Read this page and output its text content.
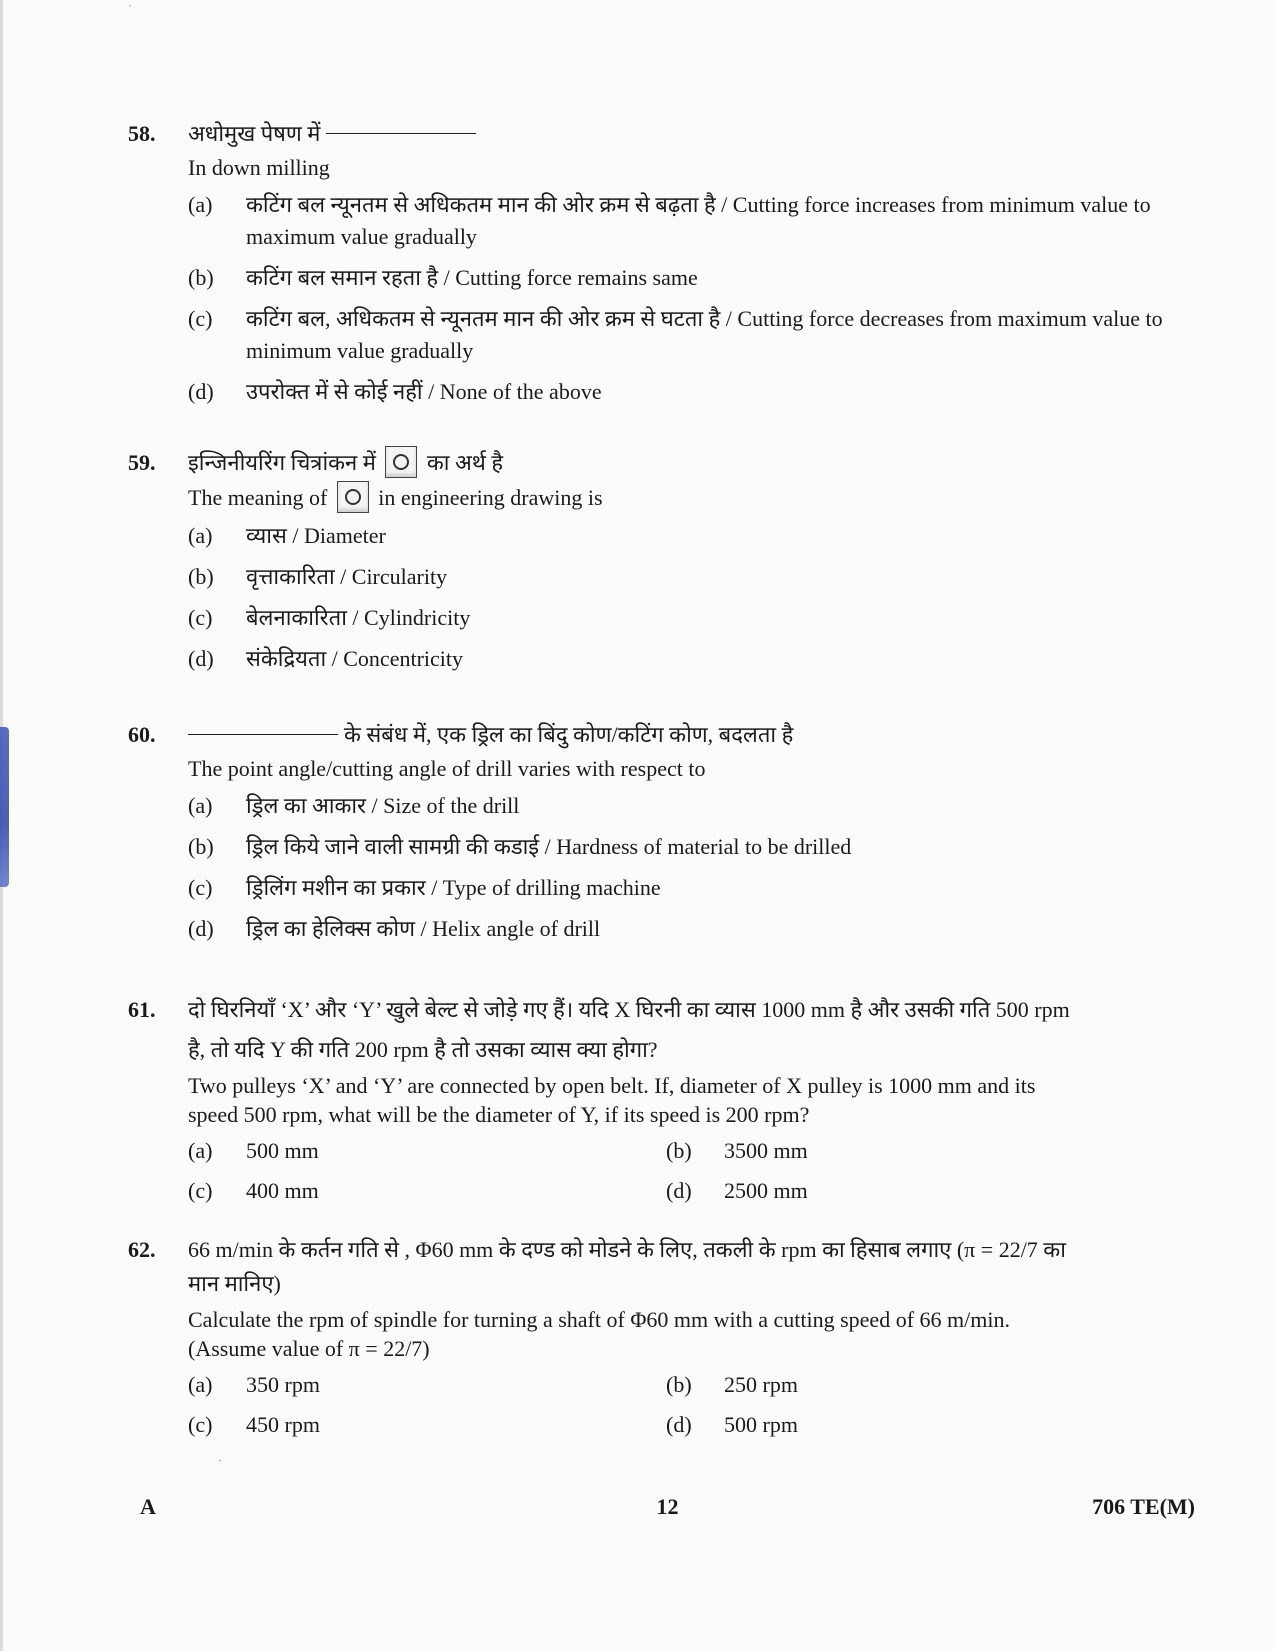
ʾ
ˏ
58.	अधोमुख पेषण में
In down milling
(a)	कटिंग बल न्यूनतम से अधिकतम मान की ओर क्रम से बढ़ता है / Cutting force increases from minimum value to maximum value gradually
(b)	कटिंग बल समान रहता है / Cutting force remains same
(c)	कटिंग बल, अधिकतम से न्यूनतम मान की ओर क्रम से घटता है / Cutting force decreases from maximum value to minimum value gradually
(d)	उपरोक्त में से कोई नहीं / None of the above
59.	इन्जिनीयरिंग चित्रांकन में का अर्थ है
The meaning of in engineering drawing is
(a)	व्यास / Diameter
(b)	वृत्ताकारिता / Circularity
(c)	बेलनाकारिता / Cylindricity
(d)	संकेद्रियता / Concentricity
60.	के संबंध में, एक ड्रिल का बिंदु कोण/कटिंग कोण, बदलता है
The point angle/cutting angle of drill varies with respect to
(a)	ड्रिल का आकार / Size of the drill
(b)	ड्रिल किये जाने वाली सामग्री की कडाई / Hardness of material to be drilled
(c)	ड्रिलिंग मशीन का प्रकार / Type of drilling machine
(d)	ड्रिल का हेलिक्स कोण / Helix angle of drill
61.	दो घिरनियाँ ‘X’ और ‘Y’ खुले बेल्ट से जोड़े गए हैं। यदि X घिरनी का व्यास 1000 mm है और उसकी गति 500 rpm
है, तो यदि Y की गति 200 rpm है तो उसका व्यास क्या होगा?
Two pulleys ‘X’ and ‘Y’ are connected by open belt. If, diameter of X pulley is 1000 mm and its
speed 500 rpm, what will be the diameter of Y, if its speed is 200 rpm?
(a)	500 mm	(b)	3500 mm
(c)	400 mm	(d)	2500 mm
62.	66 m/min के कर्तन गति से , Φ60 mm के दण्ड को मोडने के लिए, तकली के rpm का हिसाब लगाए (π = 22/7 का
मान मानिए)
Calculate the rpm of spindle for turning a shaft of Φ60 mm with a cutting speed of 66 m/min.
(Assume value of π = 22/7)
(a)	350 rpm	(b)	250 rpm
(c)	450 rpm	(d)	500 rpm
A	12	706 TE(M)
